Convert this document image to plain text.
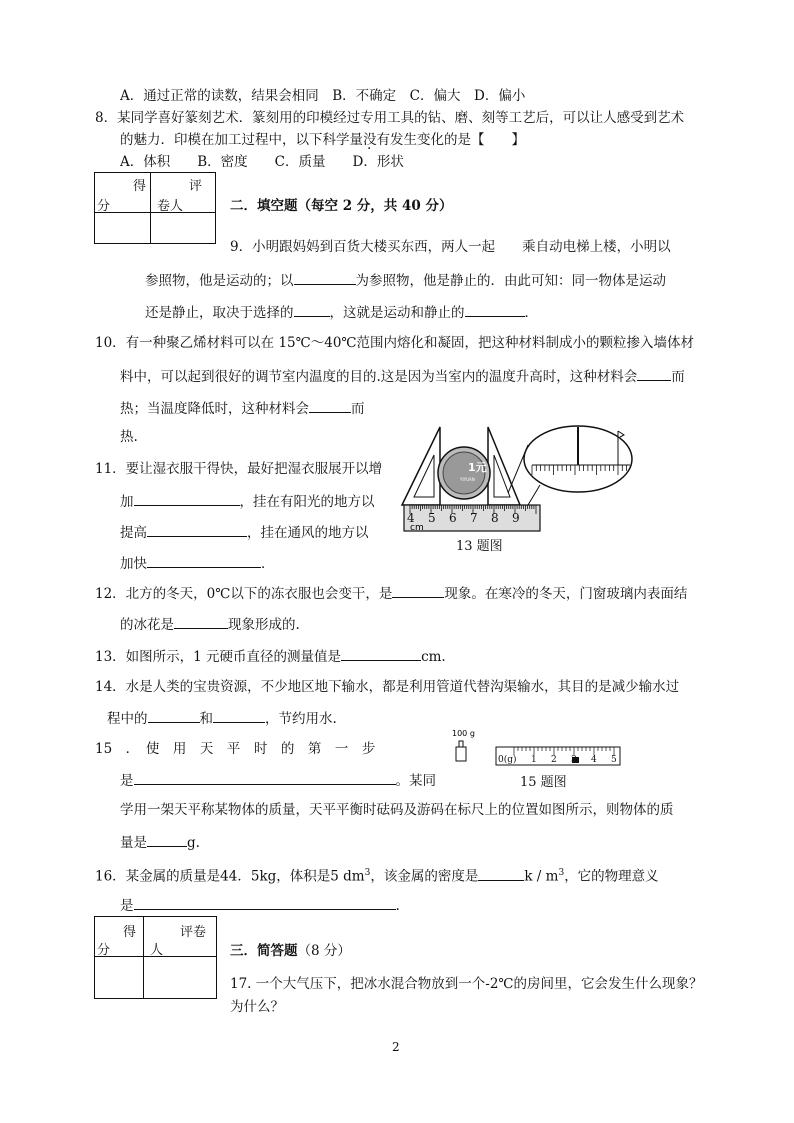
A．通过正常的读数，结果会相同　B．不确定　C．偏大　D．偏小
8．某同学喜好篆刻艺术．篆刻用的印模经过专用工具的钻、磨、刻等工艺后，可以让人感受到艺术
的魅力．印模在加工过程中，以下科学量没有发生变化的是【　　】
A．体积　　B．密度　　C．质量　　D．形状
得
分	评
卷人

		二．填空题（每空 2 分，共 40 分）
9．小明跟妈妈到百货大楼买东西，两人一起　　乘自动电梯上楼，小明以
参照物，他是运动的；以	为参照物，他是静止的．由此可知：同一物体是运动
还是静止，取决于选择的	，这就是运动和静止的	．
10．有一种聚乙烯材料可以在 15℃～40℃范围内熔化和凝固，把这种材料制成小的颗粒掺入墙体材
料中，可以起到很好的调节室内温度的目的.这是因为当室内的温度升高时，这种材料会	而
热；当温度降低时，这种材料会	而
热.
11．要让湿衣服干得快，最好把湿衣服展开以增
加	，挂在有阳光的地方以
提高	，挂在通风的地方以
加快	．
1元
YIYUAN
4 5 6 7 8 9
cm
13 题图
12．北方的冬天，0℃以下的冻衣服也会变干，是	现象。在寒冷的冬天，门窗玻璃内表面结
的冰花是	现象形成的.
13．如图所示，1 元硬币直径的测量值是	cm.
14．水是人类的宝贵资源，不少地区地下输水，都是利用管道代替沟渠输水，其目的是减少输水过
程中的	和	，节约用水.
15　．　使　用　天　平　时　的　第　一　步
是	。某同
学用一架天平称某物体的质量，天平平衡时砝码及游码在标尺上的位置如图所示，则物体的质
量是	g.
100 g
0(g) 1 2	4 5
15 题图
16．某金属的质量是44．5kg，体积是5 $dm^3$，该金属的密度是	k / $m^3$，它的物理意义
是	.
得
分	评卷
人

		三．简答题（8 分）
17. 一个大气压下，把冰水混合物放到一个-2℃的房间里，它会发生什么现象？
为什么？
2
